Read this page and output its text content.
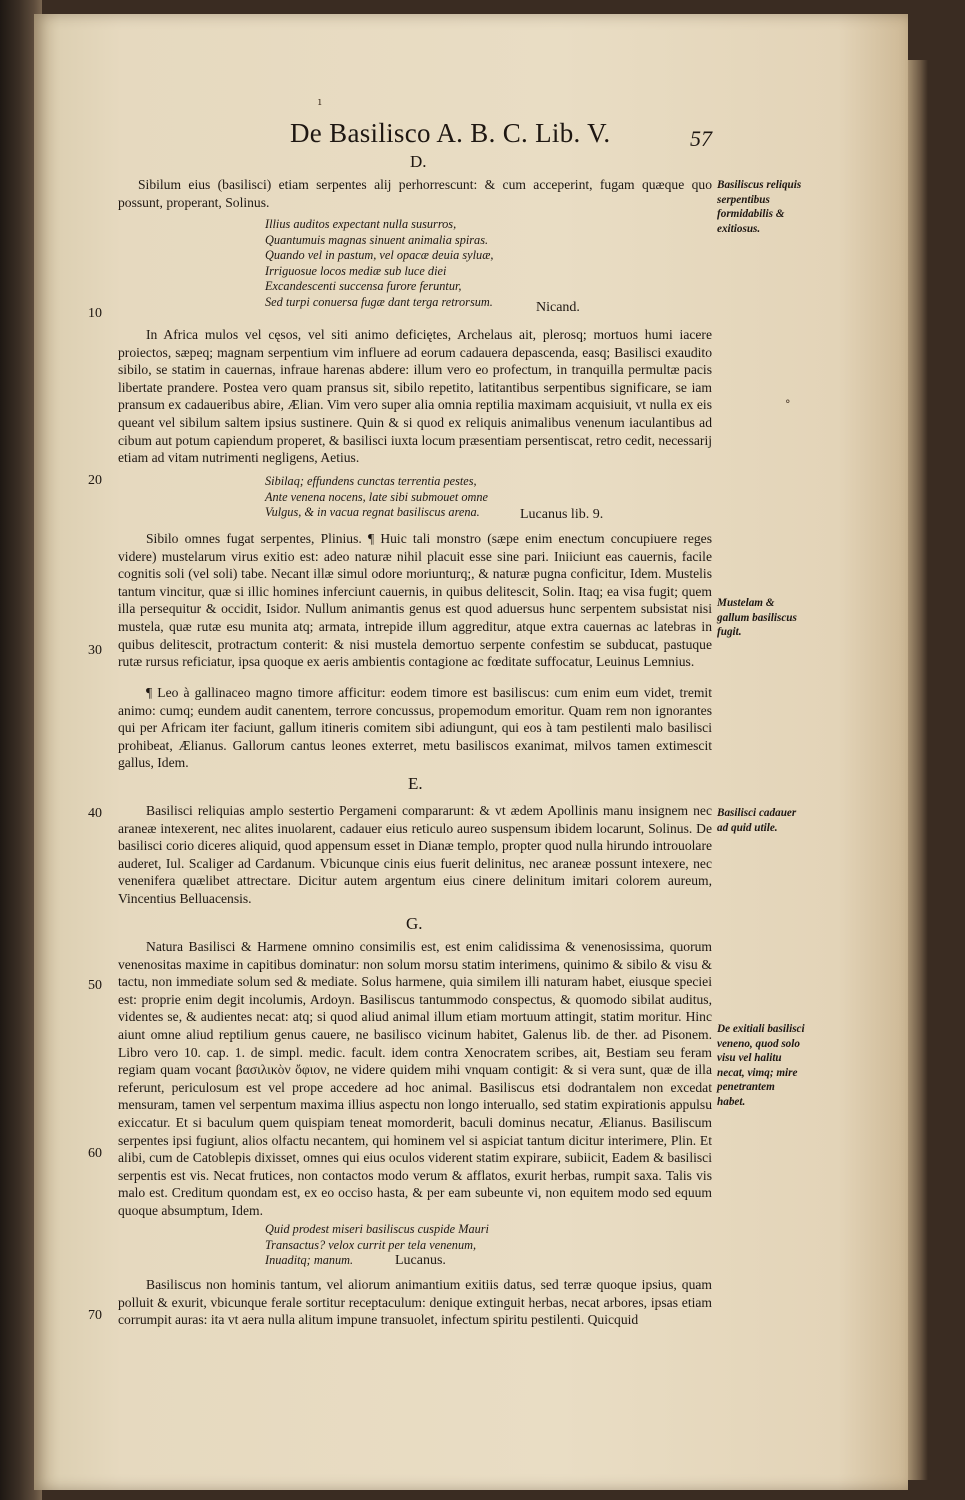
De Basilisco A. B. C. Lib. V.	57
D.
Sibilum eius (basilisci) etiam serpentes alij perhorrescunt: & cum acceperint, fugam quæque quo possunt, properant, Solinus.
Illius auditos expectant nulla susurros,
Quantumuis magnas sinuent animalia spiras.
Quando vel in pastum, vel opacæ deuia syluæ,
Irriguosue locos mediæ sub luce diei
Excandescenti succensa furore feruntur,
Sed turpi conuersa fugæ dant terga retrorsum.	Nicand.
In Africa mulos vel cęsos, vel siti animo deficiętes, Archelaus ait, plerosq; mortuos humi iacere proiectos, sæpeq; magnam serpentium vim influere ad eorum cadauera depascenda, easq; Basilisci exaudito sibilo, se statim in cauernas, infraue harenas abdere: illum vero eo profectum, in tranquilla permultæ pacis libertate prandere. Postea vero quam pransus sit, sibilo repetito, latitantibus serpentibus significare, se iam pransum ex cadaueribus abire, Ælian. Vim vero super alia omnia reptilia maximam acquisiuit, vt nulla ex eis queant vel sibilum saltem ipsius sustinere. Quin & si quod ex reliquis animalibus venenum iaculantibus ad cibum aut potum capiendum properet, & basilisci iuxta locum præsentiam persentiscat, retro cedit, necessarij etiam ad vitam nutrimenti negligens, Aetius.
Sibilaq; effundens cunctas terrentia pestes,
Ante venena nocens, late sibi submouet omne
Vulgus, & in vacua regnat basiliscus arena.	Lucanus lib. 9.
Sibilo omnes fugat serpentes, Plinius. ¶ Huic tali monstro (sæpe enim enectum concupiuere reges videre) mustelarum virus exitio est: adeo naturæ nihil placuit esse sine pari. Iniiciunt eas cauernis, facile cognitis soli (vel soli) tabe. Necant illæ simul odore moriunturq;, & naturæ pugna conficitur, Idem. Mustelis tantum vincitur, quæ si illic homines inferciunt cauernis, in quibus delitescit, Solin. Itaq; ea visa fugit; quem illa persequitur & occidit, Isidor. Nullum animantis genus est quod aduersus hunc serpentem subsistat nisi mustela, quæ rutæ esu munita atq; armata, intrepide illum aggreditur, atque extra cauernas ac latebras in quibus delitescit, protractum conterit: & nisi mustela demortuo serpente confestim se subducat, pastuque rutæ rursus reficiatur, ipsa quoque ex aeris ambientis contagione ac fœditate suffocatur, Leuinus Lemnius.
¶ Leo à gallinaceo magno timore afficitur: eodem timore est basiliscus: cum enim eum videt, tremit animo: cumq; eundem audit canentem, terrore concussus, propemodum emoritur. Quam rem non ignorantes qui per Africam iter faciunt, gallum itineris comitem sibi adiungunt, qui eos à tam pestilenti malo basilisci prohibeat, Ælianus. Gallorum cantus leones exterret, metu basiliscos exanimat, milvos tamen extimescit gallus, Idem.
E.
Basilisci reliquias amplo sestertio Pergameni compararunt: & vt ædem Apollinis manu insignem nec araneæ intexerent, nec alites inuolarent, cadauer eius reticulo aureo suspensum ibidem locarunt, Solinus. De basilisci corio diceres aliquid, quod appensum esset in Dianæ templo, propter quod nulla hirundo introuolare auderet, Iul. Scaliger ad Cardanum. Vbicunque cinis eius fuerit delinitus, nec araneæ possunt intexere, nec venenifera quælibet attrectare. Dicitur autem argentum eius cinere delinitum imitari colorem aureum, Vincentius Belluacensis.
G.
Natura Basilisci & Harmene omnino consimilis est, est enim calidissima & venenosissima, quorum venenositas maxime in capitibus dominatur: non solum morsu statim interimens, quinimo & sibilo & visu & tactu, non immediate solum sed & mediate. Solus harmene, quia similem illi naturam habet, eiusque speciei est: proprie enim degit incolumis, Ardoyn. Basiliscus tantummodo conspectus, & quomodo sibilat auditus, videntes se, & audientes necat: atq; si quod aliud animal illum etiam mortuum attingit, statim moritur. Hinc aiunt omne aliud reptilium genus cauere, ne basilisco vicinum habitet, Galenus lib. de ther. ad Pisonem. Libro vero 10. cap. 1. de simpl. medic. facult. idem contra Xenocratem scribes, ait, Bestiam seu feram regiam quam vocant βασιλικὸν ὄφιον, ne videre quidem mihi vnquam contigit: & si vera sunt, quæ de illa referunt, periculosum est vel prope accedere ad hoc animal. Basiliscus etsi dodrantalem non excedat mensuram, tamen vel serpentum maxima illius aspectu non longo interuallo, sed statim expirationis appulsu exiccatur. Et si baculum quem quispiam teneat momorderit, baculi dominus necatur, Ælianus. Basiliscum serpentes ipsi fugiunt, alios olfactu necantem, qui hominem vel si aspiciat tantum dicitur interimere, Plin. Et alibi, cum de Catoblepis dixisset, omnes qui eius oculos viderent statim expirare, subiicit, Eadem & basilisci serpentis est vis. Necat frutices, non contactos modo verum & afflatos, exurit herbas, rumpit saxa. Talis vis malo est. Creditum quondam est, ex eo occiso hasta, & per eam subeunte vi, non equitem modo sed equum quoque absumptum, Idem.
Quid prodest miseri basiliscus cuspide Mauri
Transactus? velox currit per tela venenum,
Inuaditq; manum.	Lucanus.
Basiliscus non hominis tantum, vel aliorum animantium exitiis datus, sed terræ quoque ipsius, quam polluit & exurit, vbicunque ferale sortitur receptaculum: denique extinguit herbas, necat arbores, ipsas etiam corrumpit auras: ita vt aera nulla alitum impune transuolet, infectum spiritu pestilenti. Quicquid
10
20
30
40
50
60
70
Basiliscus reliquis serpentibus formidabilis & exitiosus.
Mustelam & gallum basiliscus fugit.
Basilisci cadauer ad quid utile.
De exitiali basilisci veneno, quod solo visu vel halitu necat, vimq; mire penetrantem habet.
ı
°
